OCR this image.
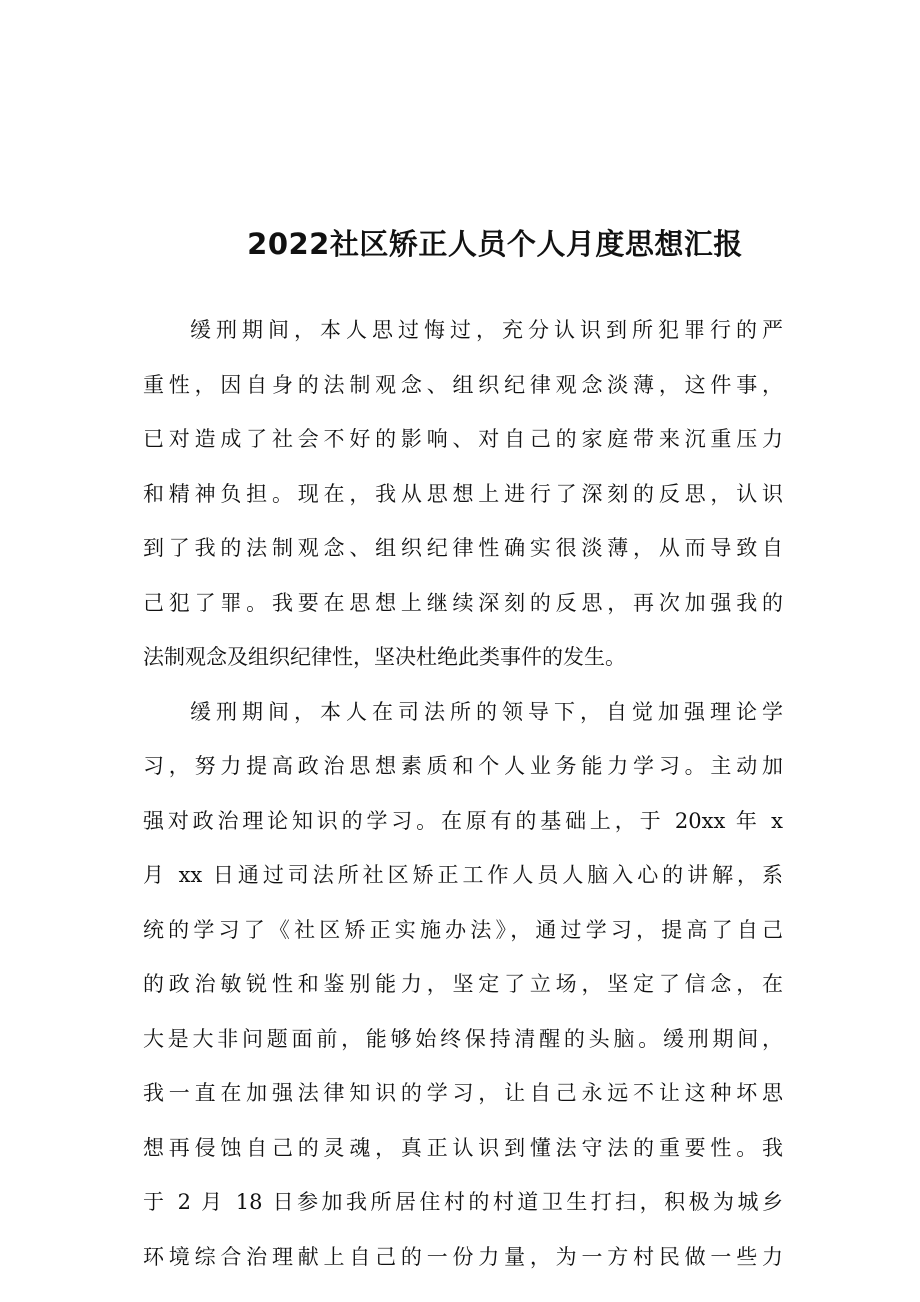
2022社区矫正人员个人月度思想汇报
缓刑期间，本人思过悔过，充分认识到所犯罪行的严
重性，因自身的法制观念、组织纪律观念淡薄，这件事，
已对造成了社会不好的影响、对自己的家庭带来沉重压力
和精神负担。现在，我从思想上进行了深刻的反思，认识
到了我的法制观念、组织纪律性确实很淡薄，从而导致自
己犯了罪。我要在思想上继续深刻的反思，再次加强我的
法制观念及组织纪律性，坚决杜绝此类事件的发生。
缓刑期间，本人在司法所的领导下，自觉加强理论学
习，努力提高政治思想素质和个人业务能力学习。主动加
强对政治理论知识的学习。在原有的基础上，于 20xx 年 x
月 xx 日通过司法所社区矫正工作人员人脑入心的讲解，系
统的学习了《社区矫正实施办法》，通过学习，提高了自己
的政治敏锐性和鉴别能力，坚定了立场，坚定了信念，在
大是大非问题面前，能够始终保持清醒的头脑。缓刑期间，
我一直在加强法律知识的学习，让自己永远不让这种坏思
想再侵蚀自己的灵魂，真正认识到懂法守法的重要性。我
于 2 月 18 日参加我所居住村的村道卫生打扫，积极为城乡
环境综合治理献上自己的一份力量，为一方村民做一些力
